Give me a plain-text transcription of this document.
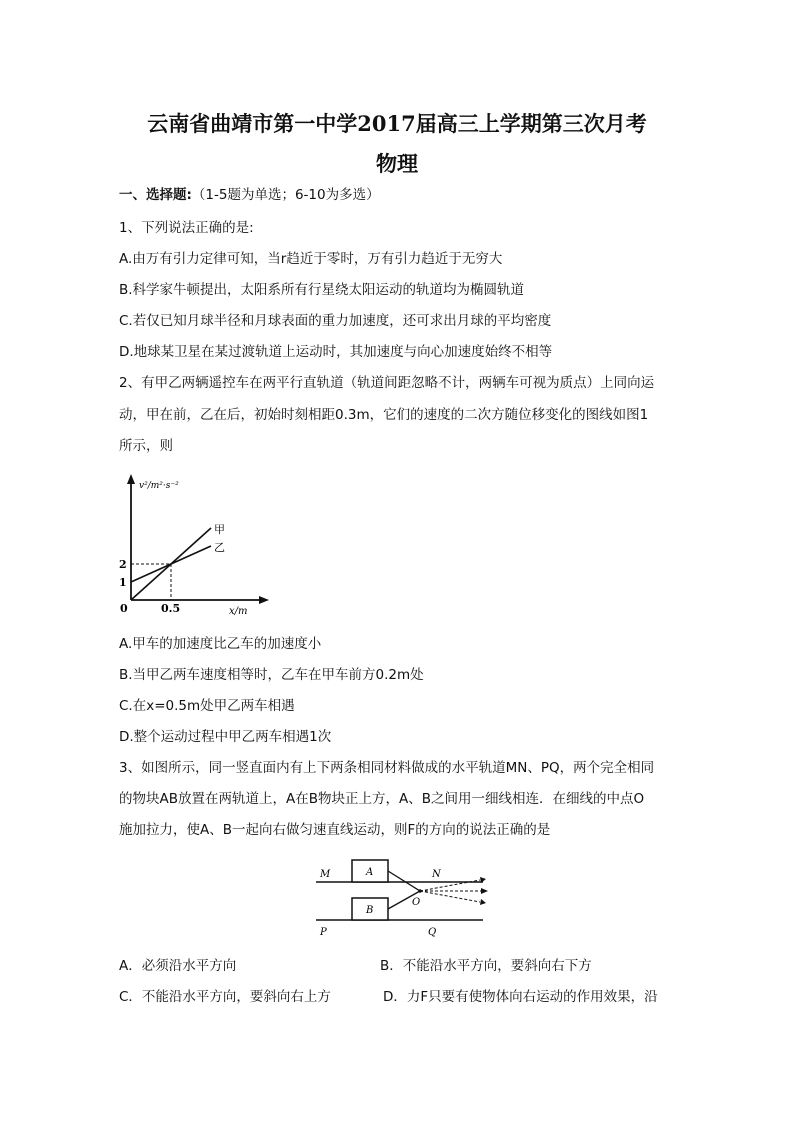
云南省曲靖市第一中学2017届高三上学期第三次月考
物理
一、选择题:（1-5题为单选；6-10为多选）
1、下列说法正确的是:
A.由万有引力定律可知，当r趋近于零时，万有引力趋近于无穷大
B.科学家牛顿提出，太阳系所有行星绕太阳运动的轨道均为椭圆轨道
C.若仅已知月球半径和月球表面的重力加速度，还可求出月球的平均密度
D.地球某卫星在某过渡轨道上运动时，其加速度与向心加速度始终不相等
2、有甲乙两辆遥控车在两平行直轨道（轨道间距忽略不计，两辆车可视为质点）上同向运
动，甲在前，乙在后，初始时刻相距0.3m，它们的速度的二次方随位移变化的图线如图1
所示，则
v²/m²·s⁻²
x/m
0
甲
乙
1
2
0.5
A.甲车的加速度比乙车的加速度小
B.当甲乙两车速度相等时，乙车在甲车前方0.2m处
C.在x=0.5m处甲乙两车相遇
D.整个运动过程中甲乙两车相遇1次
3、如图所示，同一竖直面内有上下两条相同材料做成的水平轨道MN、PQ，两个完全相同
的物块AB放置在两轨道上，A在B物块正上方，A、B之间用一细线相连．在细线的中点O
施加拉力，使A、B一起向右做匀速直线运动，则F的方向的说法正确的是
M	N
P	Q
A
B
O
A．必须沿水平方向	B．不能沿水平方向，要斜向右下方
C．不能沿水平方向，要斜向右上方	D．力F只要有使物体向右运动的作用效果，沿
